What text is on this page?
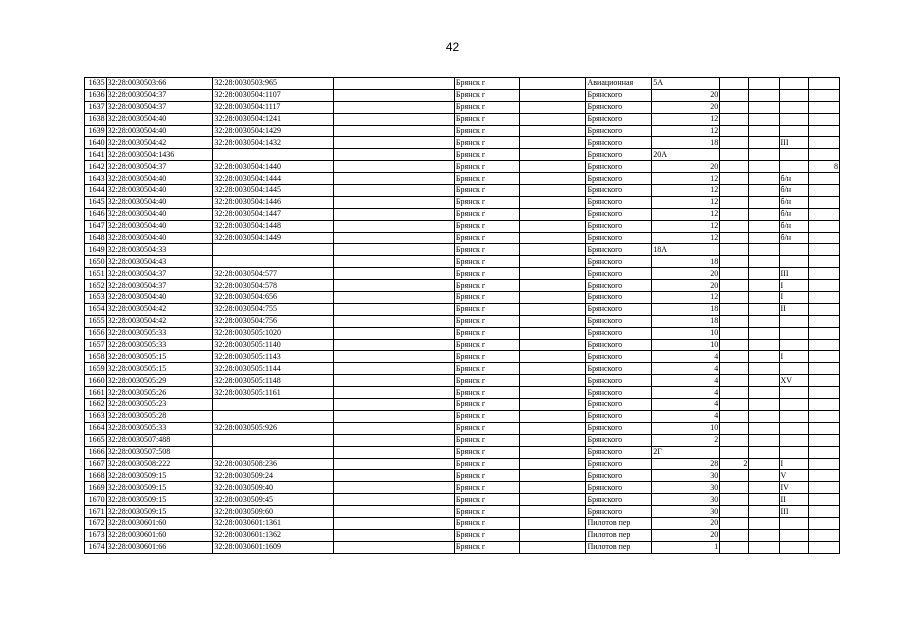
42
1635	32:28:0030503:66	32:28:0030503:965		Брянск г		Авиационная	5А				
1636	32:28:0030504:37	32:28:0030504:1107		Брянск г		Брянского	20				
1637	32:28:0030504:37	32:28:0030504:1117		Брянск г		Брянского	20				
1638	32:28:0030504:40	32:28:0030504:1241		Брянск г		Брянского	12				
1639	32:28:0030504:40	32:28:0030504:1429		Брянск г		Брянского	12				
1640	32:28:0030504:42	32:28:0030504:1432		Брянск г		Брянского	18			III	
1641	32:28:0030504:1436			Брянск г		Брянского	20А				
1642	32:28:0030504:37	32:28:0030504:1440		Брянск г		Брянского	20				8
1643	32:28:0030504:40	32:28:0030504:1444		Брянск г		Брянского	12			б/н	
1644	32:28:0030504:40	32:28:0030504:1445		Брянск г		Брянского	12			б/н	
1645	32:28:0030504:40	32:28:0030504:1446		Брянск г		Брянского	12			б/н	
1646	32:28:0030504:40	32:28:0030504:1447		Брянск г		Брянского	12			б/н	
1647	32:28:0030504:40	32:28:0030504:1448		Брянск г		Брянского	12			б/н	
1648	32:28:0030504:40	32:28:0030504:1449		Брянск г		Брянского	12			б/н	
1649	32:28:0030504:33			Брянск г		Брянского	18А				
1650	32:28:0030504:43			Брянск г		Брянского	18				
1651	32:28:0030504:37	32:28:0030504:577		Брянск г		Брянского	20			III	
1652	32:28:0030504:37	32:28:0030504:578		Брянск г		Брянского	20			I	
1653	32:28:0030504:40	32:28:0030504:656		Брянск г		Брянского	12			I	
1654	32:28:0030504:42	32:28:0030504:755		Брянск г		Брянского	18			II	
1655	32:28:0030504:42	32:28:0030504:756		Брянск г		Брянского	18				
1656	32:28:0030505:33	32:28:0030505:1020		Брянск г		Брянского	10				
1657	32:28:0030505:33	32:28:0030505:1140		Брянск г		Брянского	10				
1658	32:28:0030505:15	32:28:0030505:1143		Брянск г		Брянского	4			I	
1659	32:28:0030505:15	32:28:0030505:1144		Брянск г		Брянского	4				
1660	32:28:0030505:29	32:28:0030505:1148		Брянск г		Брянского	4			XV	
1661	32:28:0030505:26	32:28:0030505:1161		Брянск г		Брянского	4				
1662	32:28:0030505:23			Брянск г		Брянского	4				
1663	32:28:0030505:28			Брянск г		Брянского	4				
1664	32:28:0030505:33	32:28:0030505:926		Брянск г		Брянского	10				
1665	32:28:0030507:488			Брянск г		Брянского	2				
1666	32:28:0030507:508			Брянск г		Брянского	2Г				
1667	32:28:0030508:222	32:28:0030508:236		Брянск г		Брянского	28	2		I	
1668	32:28:0030509:15	32:28:0030509:24		Брянск г		Брянского	30			V	
1669	32:28:0030509:15	32:28:0030509:40		Брянск г		Брянского	30			IV	
1670	32:28:0030509:15	32:28:0030509:45		Брянск г		Брянского	30			II	
1671	32:28:0030509:15	32:28:0030509:60		Брянск г		Брянского	30			III	
1672	32:28:0030601:60	32:28:0030601:1361		Брянск г		Пилотов пер	20				
1673	32:28:0030601:60	32:28:0030601:1362		Брянск г		Пилотов пер	20				
1674	32:28:0030601:66	32:28:0030601:1609		Брянск г		Пилотов пер	1				
